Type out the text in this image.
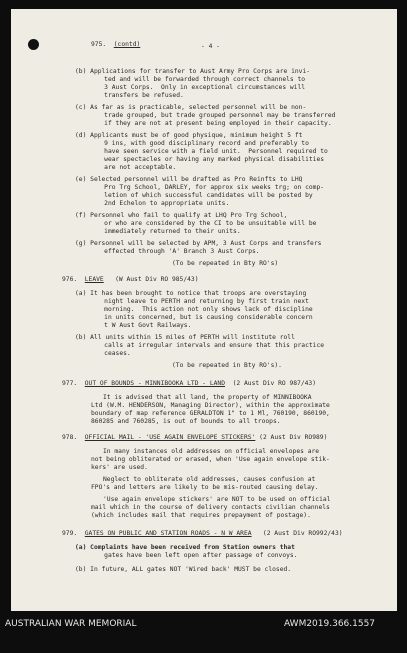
- 4 -
975.  (contd)
(b) Applications for transfer to Aust Army Pro Corps are invi-
ted and will be forwarded through correct channels to
3 Aust Corps.  Only in exceptional circumstances will
transfers be refused.
(c) As far as is practicable, selected personnel will be non-
trade grouped, but trade grouped personnel may be transferred
if they are not at present being employed in their capacity.
(d) Applicants must be of good physique, minimum height 5 ft
9 ins, with good disciplinary record and preferably to
have seen service with a field unit.  Personnel required to
wear spectacles or having any marked physical disabilities
are not acceptable.
(e) Selected personnel will be drafted as Pro Reinfts to LHQ
Pro Trg School, DARLEY, for approx six weeks trg; on comp-
letion of which successful candidates will be posted by
2nd Echelon to appropriate units.
(f) Personnel who fail to qualify at LHQ Pro Trg School,
or who are considered by the CI to be unsuitable will be
immediately returned to their units.
(g) Personnel will be selected by APM, 3 Aust Corps and transfers
effected through 'A' Branch 3 Aust Corps.
(To be repeated in Bty RO's)
976.  LEAVE   (W Aust Div RO 985/43)
(a) It has been brought to notice that troops are overstaying
night leave to PERTH and returning by first train next
morning.  This action not only shows lack of discipline
in units concerned, but is causing considerable concern
t W Aust Govt Railways.
(b) All units within 15 miles of PERTH will institute roll
calls at irregular intervals and ensure that this practice
ceases.
(To be repeated in Bty RO's).
977.  OUT OF BOUNDS - MINNIBOOKA LTD - LAND  (2 Aust Div RO 987/43)
It is advised that all land, the property of MINNIBOOKA
Ltd (W.M. HENDERSON, Managing Director), within the approximate
boundary of map reference GERALDTON 1" to 1 Ml, 760190, 860190,
860285 and 760285, is out of bounds to all troops.
978.  OFFICIAL MAIL - 'USE AGAIN ENVELOPE STICKERS' (2 Aust Div RO989)
In many instances old addresses on official envelopes are
not being obliterated or erased, when 'Use again envelope stik-
kers' are used.
Neglect to obliterate old addresses, causes confusion at
FPO's and letters are likely to be mis-routed causing delay.
'Use again envelope stickers' are NOT to be used on official
mail which in the course of delivery contacts civilian channels
(which includes mail that requires prepayment of postage).
979.  GATES ON PUBLIC AND STATION ROADS - N W AREA   (2 Aust Div RO992/43)
(a) Complaints have been received from Station owners that
gates have been left open after passage of convoys.
(b) In future, ALL gates NOT 'Wired back' MUST be closed.
AUSTRALIAN WAR MEMORIAL	AWM2019.366.1557
